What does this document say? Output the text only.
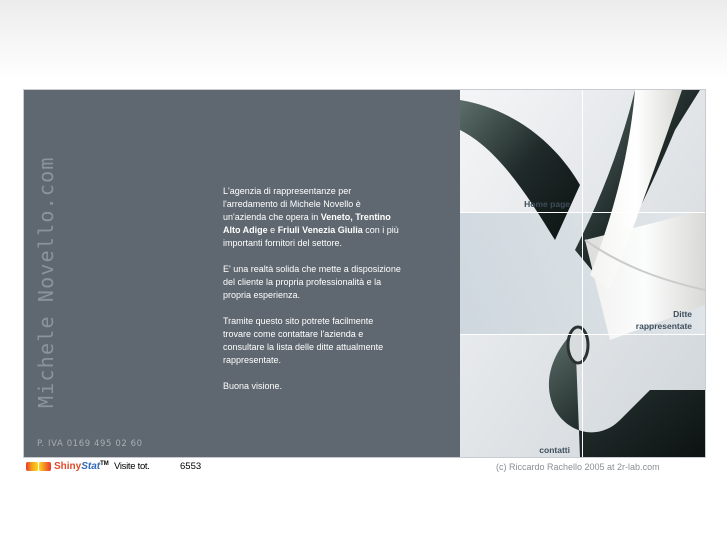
Michele Novello.com
P. IVA 0169 495 02 60

L'agenzia di rappresentanze per l'arredamento di Michele Novello è un'azienda che opera in Veneto, Trentino Alto Adige e Friuli Venezia Giulia con i più importanti fornitori del settore.

E' una realtà solida che mette a disposizione del cliente la propria professionalità e la propria esperienza.

Tramite questo sito potrete facilmente trovare come contattare l'azienda e consultare la lista delle ditte attualmente rappresentate.

Buona visione.

Home page
Ditte
rappresentate
contatti
ShinyStat™ Visite tot.	6553	(c) Riccardo Rachello 2005 at 2r-lab.com
